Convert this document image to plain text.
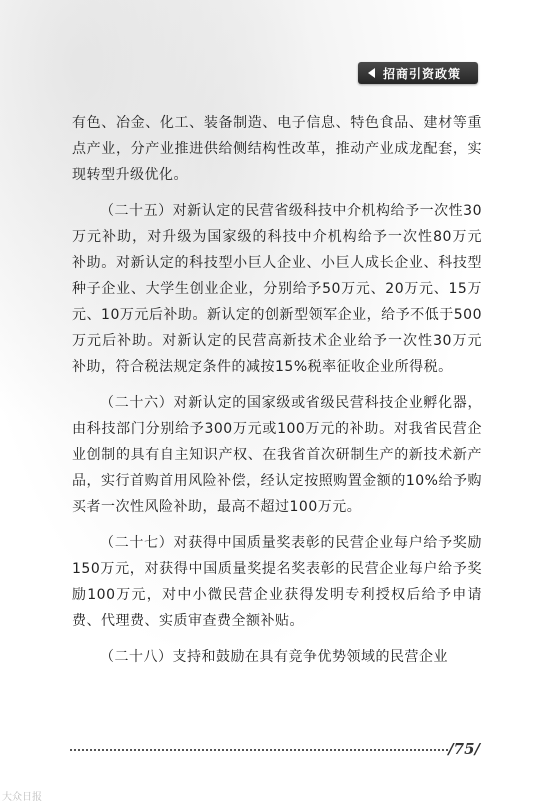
招商引资政策

有色、冶金、化工、装备制造、电子信息、特色食品、建材等重点产业，分产业推进供给侧结构性改革，推动产业成龙配套，实现转型升级优化。

（二十五）对新认定的民营省级科技中介机构给予一次性30万元补助，对升级为国家级的科技中介机构给予一次性80万元补助。对新认定的科技型小巨人企业、小巨人成长企业、科技型种子企业、大学生创业企业，分别给予50万元、20万元、15万元、10万元后补助。新认定的创新型领军企业，给予不低于500万元后补助。对新认定的民营高新技术企业给予一次性30万元补助，符合税法规定条件的减按15%税率征收企业所得税。

（二十六）对新认定的国家级或省级民营科技企业孵化器，由科技部门分别给予300万元或100万元的补助。对我省民营企业创制的具有自主知识产权、在我省首次研制生产的新技术新产品，实行首购首用风险补偿，经认定按照购置金额的10%给予购买者一次性风险补助，最高不超过100万元。

（二十七）对获得中国质量奖表彰的民营企业每户给予奖励150万元，对获得中国质量奖提名奖表彰的民营企业每户给予奖励100万元，对中小微民营企业获得发明专利授权后给予申请费、代理费、实质审查费全额补贴。

（二十八）支持和鼓励在具有竞争优势领域的民营企业

/75/
大众日报
